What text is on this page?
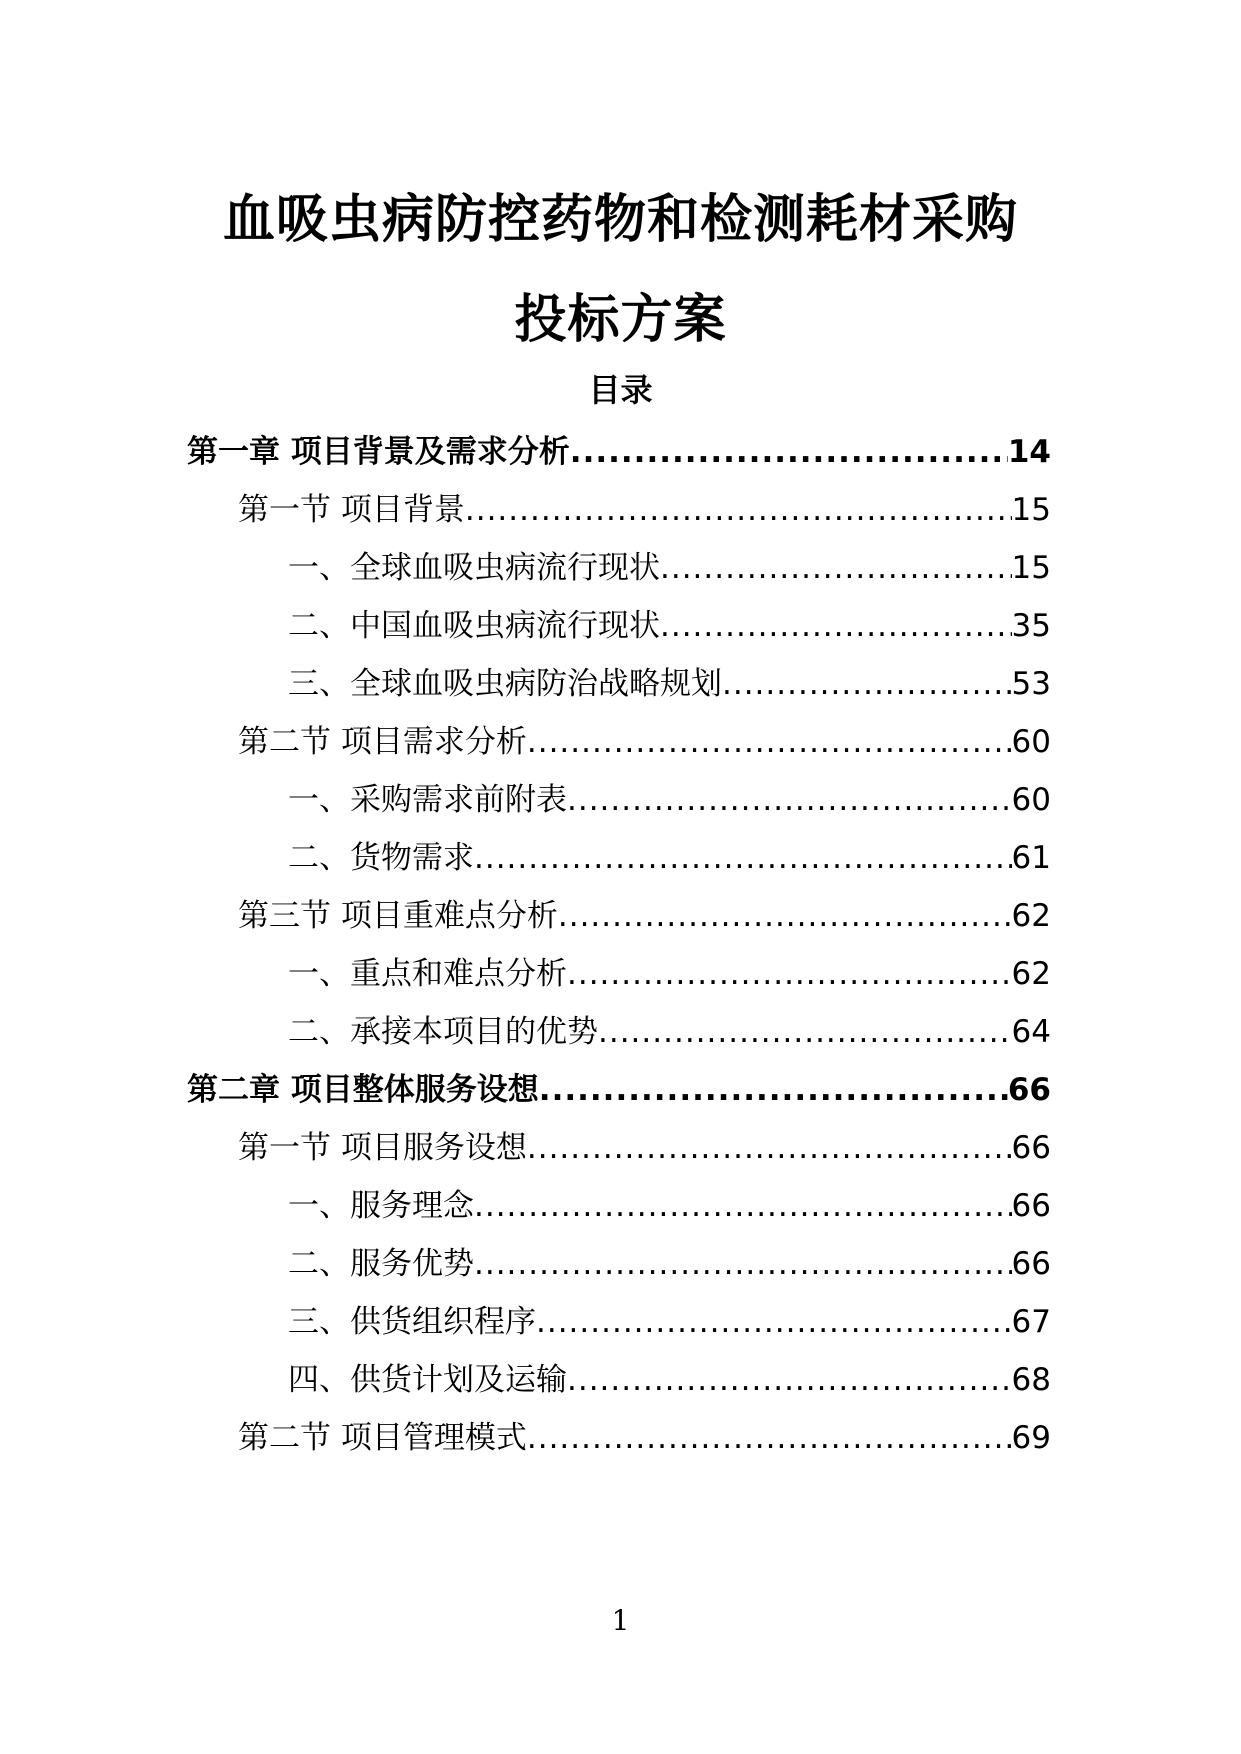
血吸虫病防控药物和检测耗材采购
投标方案
目录
第一章 项目背景及需求分析 .....	14
第一节 项目背景 .....	15
一、全球血吸虫病流行现状 .....	15
二、中国血吸虫病流行现状 .....	35
三、全球血吸虫病防治战略规划 .....	53
第二节 项目需求分析 .....	60
一、采购需求前附表 .....	60
二、货物需求 .....	61
第三节 项目重难点分析 .....	62
一、重点和难点分析 .....	62
二、承接本项目的优势 .....	64
第二章 项目整体服务设想 .....	66
第一节 项目服务设想 .....	66
一、服务理念 .....	66
二、服务优势 .....	66
三、供货组织程序 .....	67
四、供货计划及运输 .....	68
第二节 项目管理模式 .....	69
1
